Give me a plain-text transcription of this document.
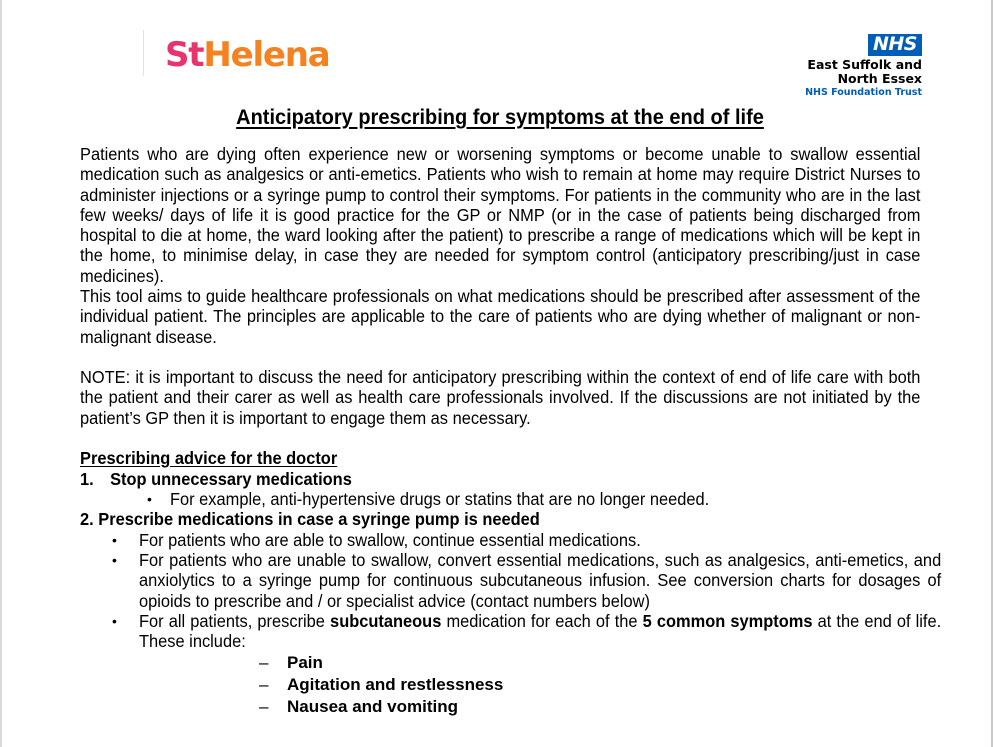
StHelena	NHS
East Suffolk and
North Essex
NHS Foundation Trust
Anticipatory prescribing for symptoms at the end of life

Patients who are dying often experience new or worsening symptoms or become unable to swallow essential medication such as analgesics or anti-emetics. Patients who wish to remain at home may require District Nurses to administer injections or a syringe pump to control their symptoms. For patients in the community who are in the last few weeks/ days of life it is good practice for the GP or NMP (or in the case of patients being discharged from hospital to die at home, the ward looking after the patient) to prescribe a range of medications which will be kept in the home, to minimise delay, in case they are needed for symptom control (anticipatory prescribing/just in case medicines).

This tool aims to guide healthcare professionals on what medications should be prescribed after assessment of the individual patient. The principles are applicable to the care of patients who are dying whether of malignant or non-malignant disease.

NOTE: it is important to discuss the need for anticipatory prescribing within the context of end of life care with both the patient and their carer as well as health care professionals involved. If the discussions are not initiated by the patient’s GP then it is important to engage them as necessary.

Prescribing advice for the doctor

1. Stop unnecessary medications

•	For example, anti-hypertensive drugs or statins that are no longer needed.

2. Prescribe medications in case a syringe pump is needed

•	For patients who are able to swallow, continue essential medications.
•	For patients who are unable to swallow, convert essential medications, such as analgesics, anti-emetics, and anxiolytics to a syringe pump for continuous subcutaneous infusion. See conversion charts for dosages of opioids to prescribe and / or specialist advice (contact numbers below)
•	For all patients, prescribe subcutaneous medication for each of the 5 common symptoms at the end of life. These include:
– Pain
– Agitation and restlessness
– Nausea and vomiting
